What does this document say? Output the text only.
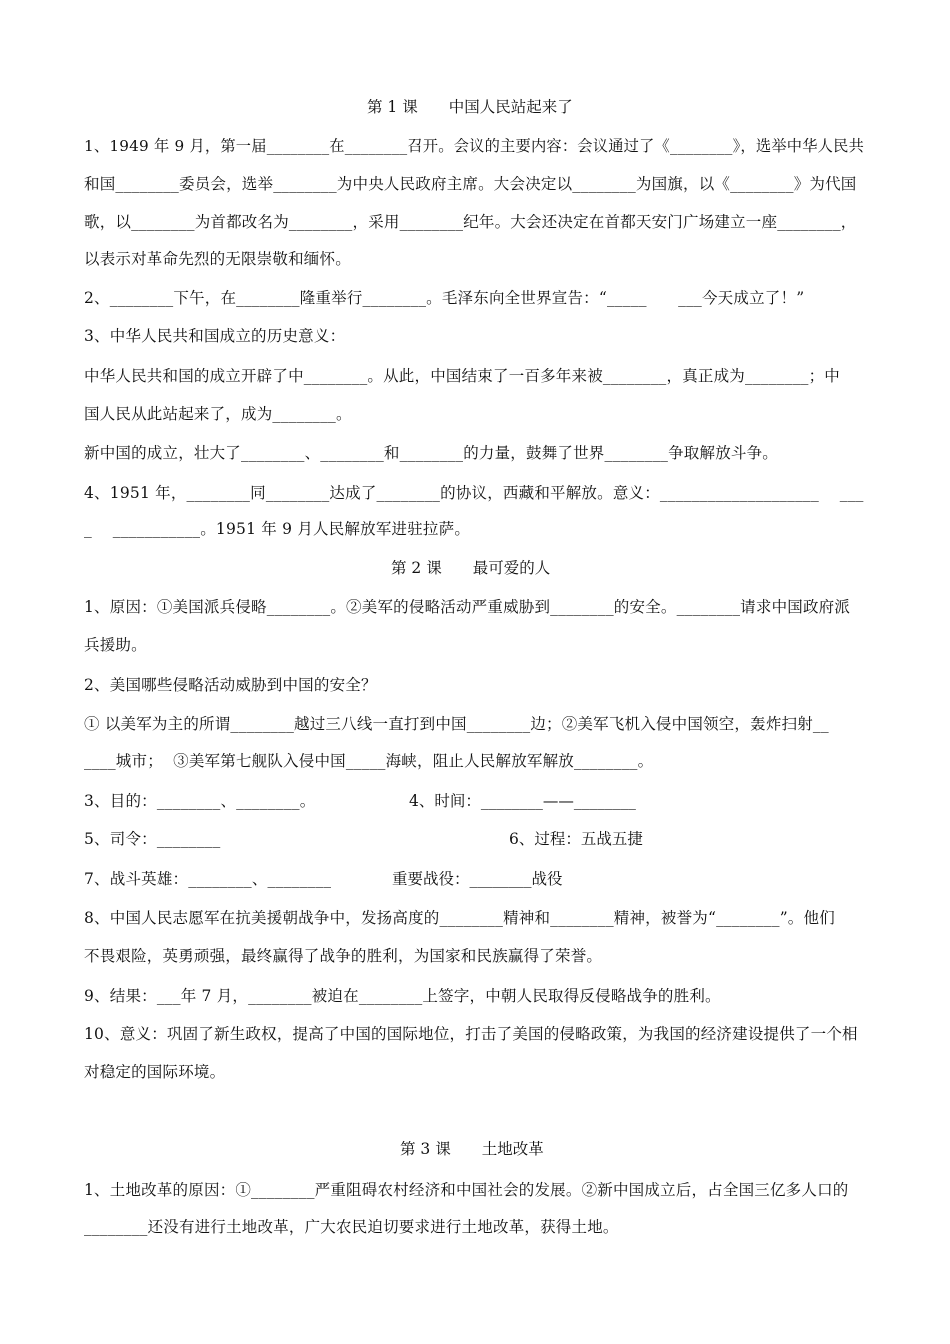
第 1 课　　中国人民站起来了
1、1949 年 9 月，第一届________在________召开。会议的主要内容：会议通过了《________》，选举中华人民共
和国________委员会，选举________为中央人民政府主席。大会决定以________为国旗，以《________》为代国
歌，以________为首都改名为________，采用________纪年。大会还决定在首都天安门广场建立一座________，
以表示对革命先烈的无限崇敬和缅怀。
2、________下午，在________隆重举行________。毛泽东向全世界宣告：“_____　　___今天成立了！”
3、中华人民共和国成立的历史意义：
中华人民共和国的成立开辟了中________。从此，中国结束了一百多年来被________，真正成为________；中
国人民从此站起来了，成为________。
新中国的成立，壮大了________、________和________的力量，鼓舞了世界________争取解放斗争。
4、1951 年，________同________达成了________的协议，西藏和平解放。意义：____________________　 ___
_　 ___________。1951 年 9 月人民解放军进驻拉萨。
第 2 课　　最可爱的人
1、原因：①美国派兵侵略________。②美军的侵略活动严重威胁到________的安全。________请求中国政府派
兵援助。
2、美国哪些侵略活动威胁到中国的安全？
① 以美军为主的所谓________越过三八线一直打到中国________边；②美军飞机入侵中国领空，轰炸扫射__
____城市；  ③美军第七舰队入侵中国_____海峡，阻止人民解放军解放________。
3、目的：________、________。	4、时间：________——________
5、司令：________	6、过程：五战五捷
7、战斗英雄：________、________	重要战役：________战役
8、中国人民志愿军在抗美援朝战争中，发扬高度的________精神和________精神，被誉为“________”。他们
不畏艰险，英勇顽强，最终赢得了战争的胜利，为国家和民族赢得了荣誉。
9、结果：___年 7 月，________被迫在________上签字，中朝人民取得反侵略战争的胜利。
10、意义：巩固了新生政权，提高了中国的国际地位，打击了美国的侵略政策，为我国的经济建设提供了一个相
对稳定的国际环境。
第 3 课　　土地改革
1、土地改革的原因：①________严重阻碍农村经济和中国社会的发展。②新中国成立后，占全国三亿多人口的
________还没有进行土地改革，广大农民迫切要求进行土地改革，获得土地。
